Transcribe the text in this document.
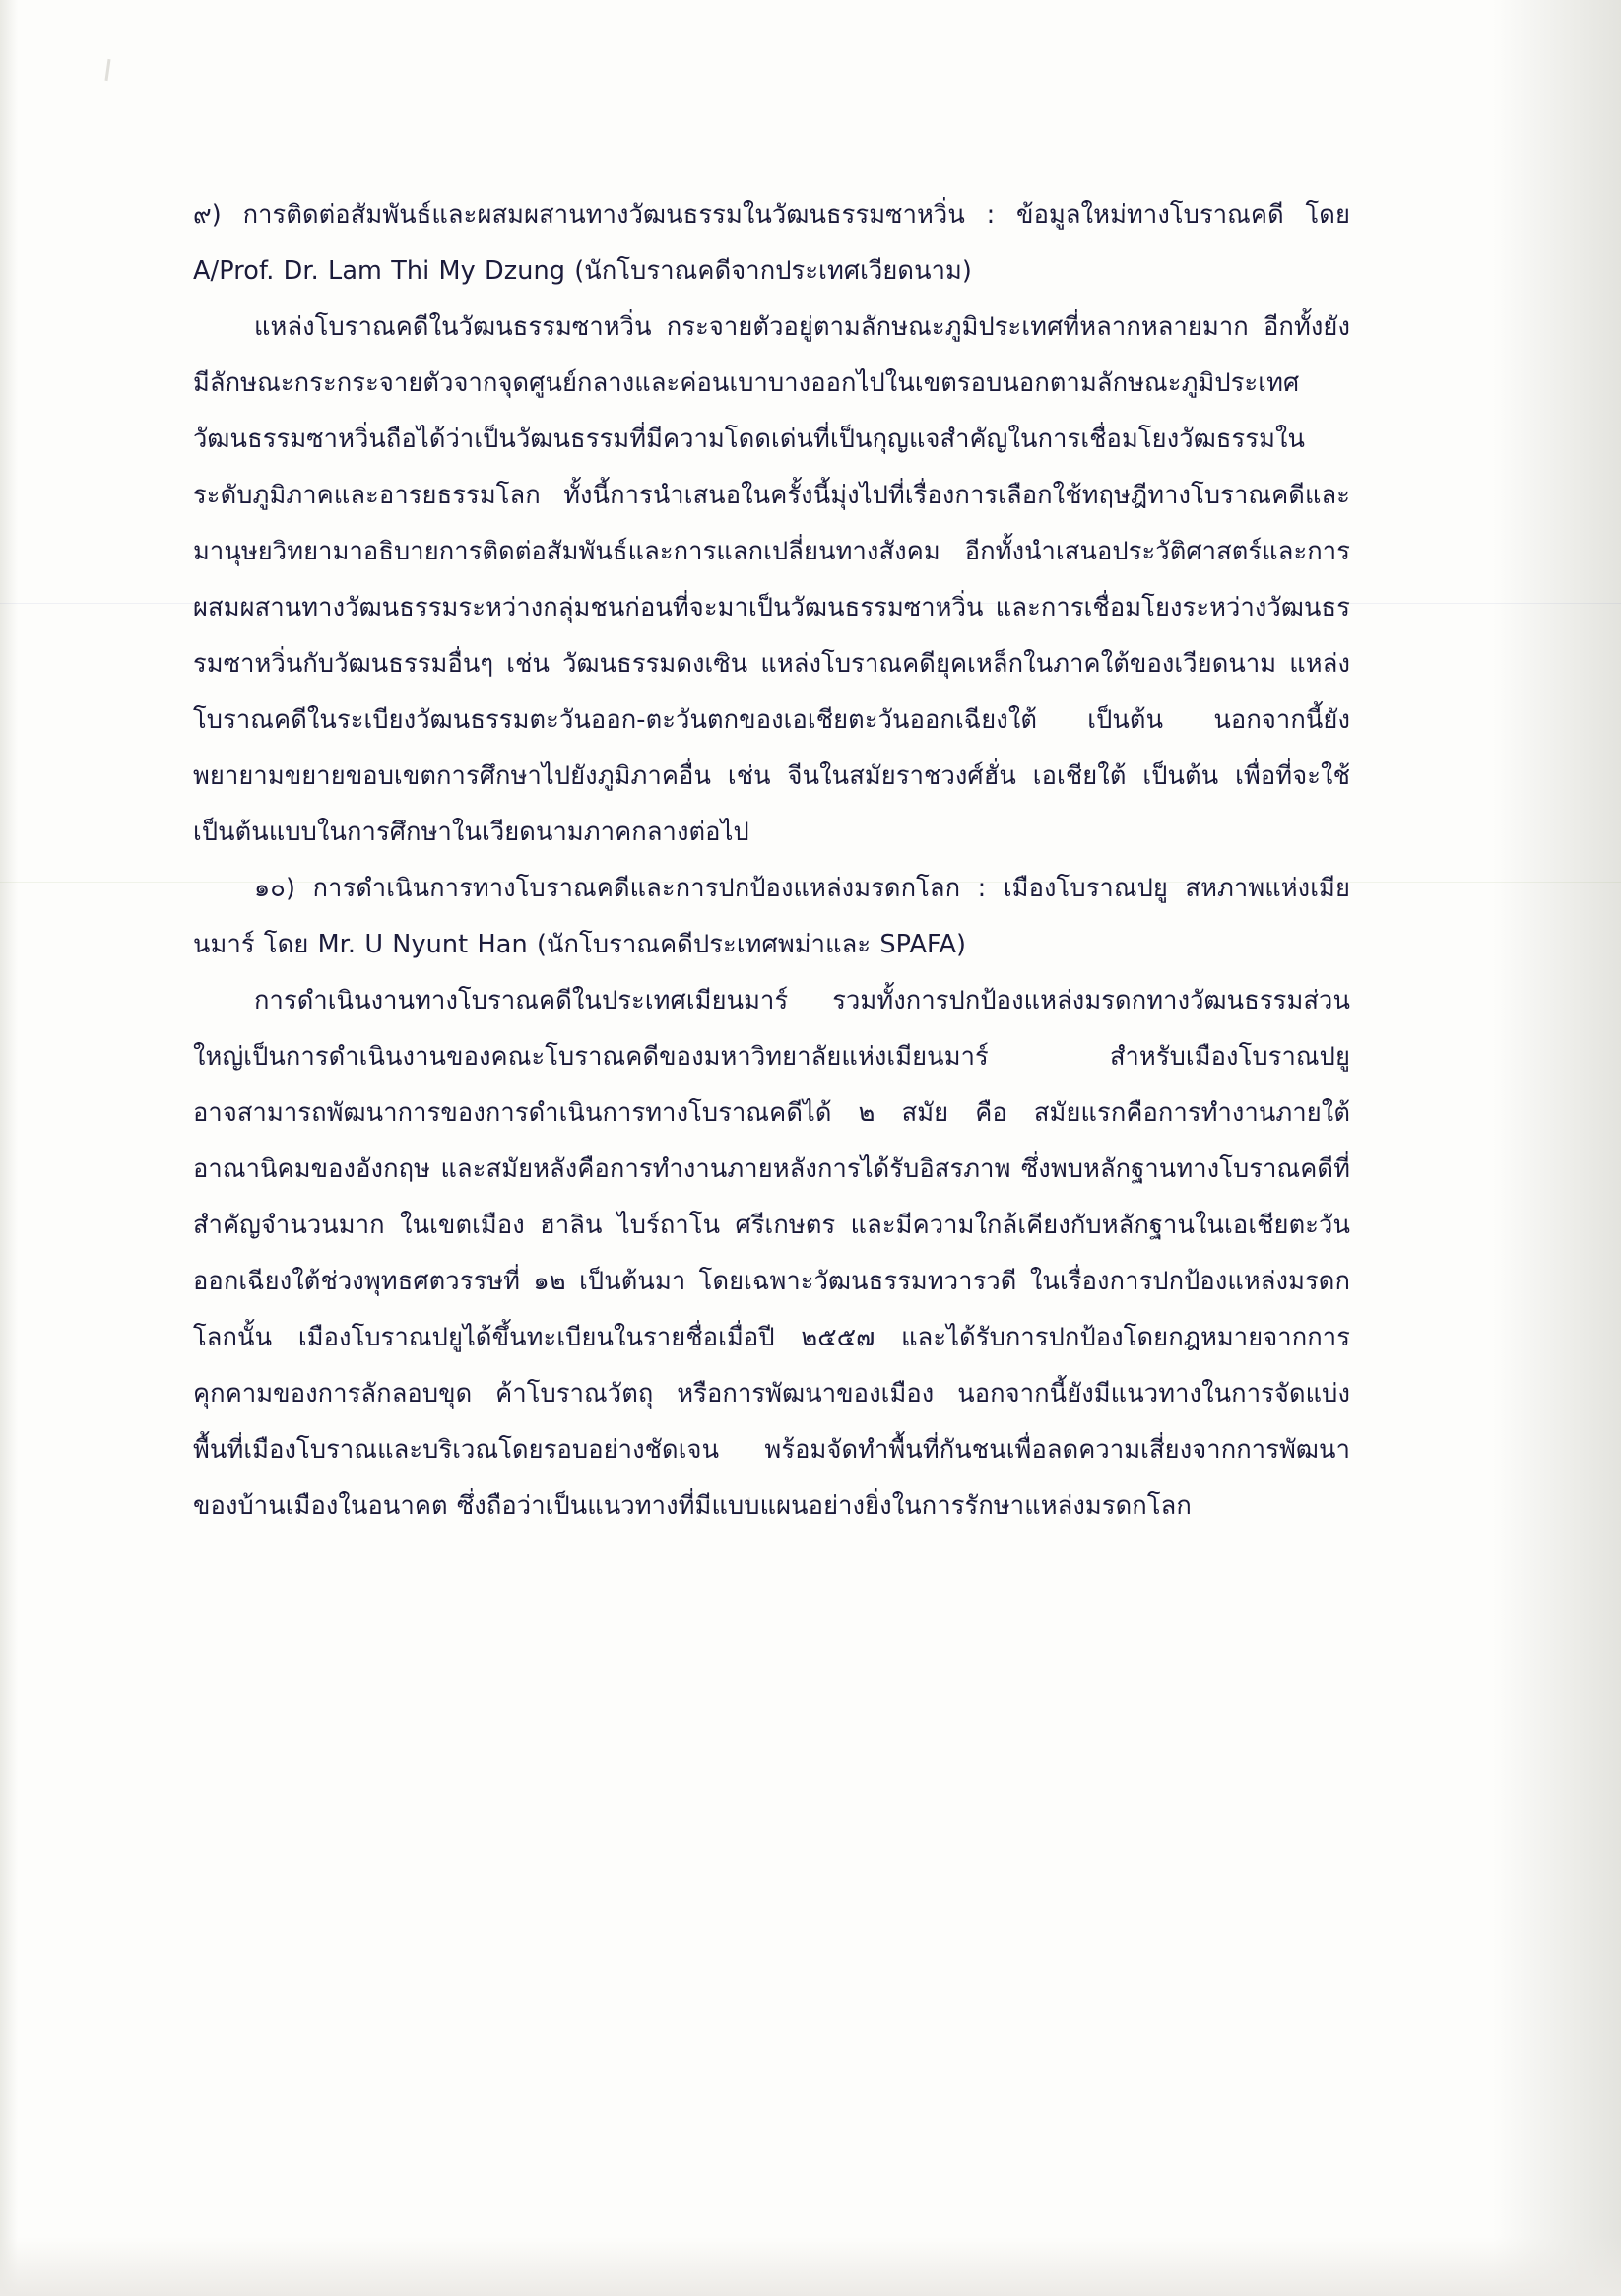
๙) การติดต่อสัมพันธ์และผสมผสานทางวัฒนธรรมในวัฒนธรรมซาหวิ่น : ข้อมูลใหม่ทางโบราณคดี โดย A/Prof. Dr. Lam Thi My Dzung (นักโบราณคดีจากประเทศเวียดนาม)

แหล่งโบราณคดีในวัฒนธรรมซาหวิ่น กระจายตัวอยู่ตามลักษณะภูมิประเทศที่หลากหลายมาก อีกทั้งยังมีลักษณะกระกระจายตัวจากจุดศูนย์กลางและค่อนเบาบางออกไปในเขตรอบนอกตามลักษณะภูมิประเทศ วัฒนธรรมซาหวิ่นถือได้ว่าเป็นวัฒนธรรมที่มีความโดดเด่นที่เป็นกุญแจสำคัญในการเชื่อมโยงวัฒธรรมในระดับภูมิภาคและอารยธรรมโลก ทั้งนี้การนำเสนอในครั้งนี้มุ่งไปที่เรื่องการเลือกใช้ทฤษฎีทางโบราณคดีและมานุษยวิทยามาอธิบายการติดต่อสัมพันธ์และการแลกเปลี่ยนทางสังคม อีกทั้งนำเสนอประวัติศาสตร์และการผสมผสานทางวัฒนธรรมระหว่างกลุ่มชนก่อนที่จะมาเป็นวัฒนธรรมซาหวิ่น และการเชื่อมโยงระหว่างวัฒนธรรมซาหวิ่นกับวัฒนธรรมอื่นๆ เช่น วัฒนธรรมดงเซิน แหล่งโบราณคดียุคเหล็กในภาคใต้ของเวียดนาม แหล่งโบราณคดีในระเบียงวัฒนธรรมตะวันออก-ตะวันตกของเอเชียตะวันออกเฉียงใต้ เป็นต้น นอกจากนี้ยังพยายามขยายขอบเขตการศึกษาไปยังภูมิภาคอื่น เช่น จีนในสมัยราชวงศ์ฮั่น เอเชียใต้ เป็นต้น เพื่อที่จะใช้เป็นต้นแบบในการศึกษาในเวียดนามภาคกลางต่อไป

๑๐) การดำเนินการทางโบราณคดีและการปกป้องแหล่งมรดกโลก : เมืองโบราณปยู สหภาพแห่งเมียนมาร์ โดย Mr. U Nyunt Han (นักโบราณคดีประเทศพม่าและ SPAFA)

การดำเนินงานทางโบราณคดีในประเทศเมียนมาร์ รวมทั้งการปกป้องแหล่งมรดกทางวัฒนธรรมส่วนใหญ่เป็นการดำเนินงานของคณะโบราณคดีของมหาวิทยาลัยแห่งเมียนมาร์ สำหรับเมืองโบราณปยูอาจสามารถพัฒนาการของการดำเนินการทางโบราณคดีได้ ๒ สมัย คือ สมัยแรกคือการทำงานภายใต้อาณานิคมของอังกฤษ และสมัยหลังคือการทำงานภายหลังการได้รับอิสรภาพ ซึ่งพบหลักฐานทางโบราณคดีที่สำคัญจำนวนมาก ในเขตเมือง ฮาลิน ไบร์ถาโน ศรีเกษตร และมีความใกล้เคียงกับหลักฐานในเอเชียตะวันออกเฉียงใต้ช่วงพุทธศตวรรษที่ ๑๒ เป็นต้นมา โดยเฉพาะวัฒนธรรมทวารวดี ในเรื่องการปกป้องแหล่งมรดกโลกนั้น เมืองโบราณปยูได้ขึ้นทะเบียนในรายชื่อเมื่อปี ๒๕๕๗ และได้รับการปกป้องโดยกฎหมายจากการคุกคามของการลักลอบขุด ค้าโบราณวัตถุ หรือการพัฒนาของเมือง นอกจากนี้ยังมีแนวทางในการจัดแบ่งพื้นที่เมืองโบราณและบริเวณโดยรอบอย่างชัดเจน พร้อมจัดทำพื้นที่กันชนเพื่อลดความเสี่ยงจากการพัฒนาของบ้านเมืองในอนาคต ซึ่งถือว่าเป็นแนวทางที่มีแบบแผนอย่างยิ่งในการรักษาแหล่งมรดกโลก
